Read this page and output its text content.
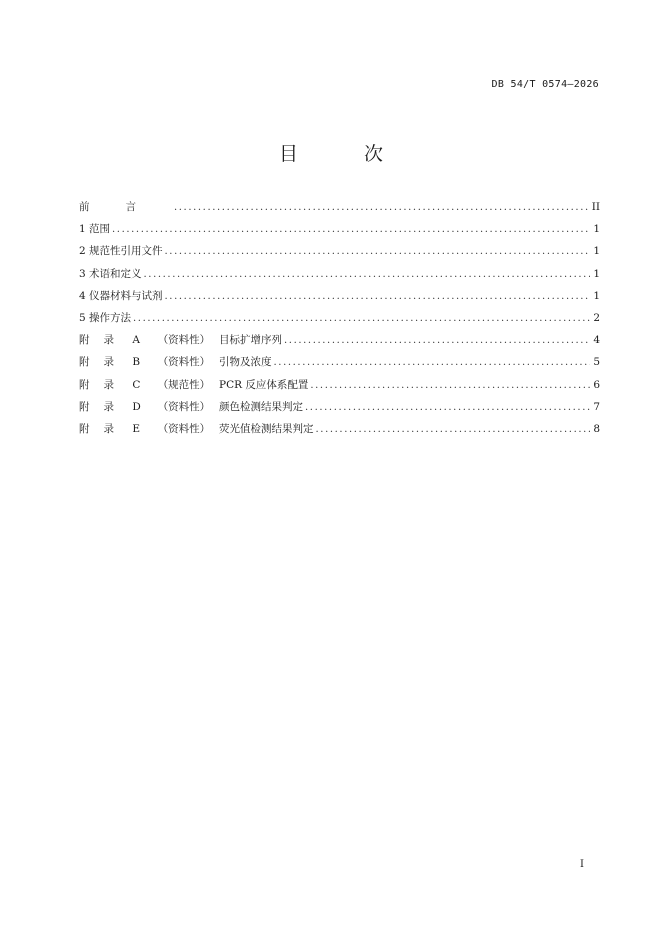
DB 54/T 0574—2026
目 次
前言 .....	II
1 范围 .....	1
2 规范性引用文件 .....	1
3 术语和定义 .....	1
4 仪器材料与试剂 .....	1
5 操作方法 .....	2
附录 A （资料性） 目标扩增序列 .....	4
附录 B （资料性） 引物及浓度 .....	5
附录 C （规范性） PCR 反应体系配置 .....	6
附录 D （资料性） 颜色检测结果判定 .....	7
附录 E （资料性） 荧光值检测结果判定 .....	8
I
